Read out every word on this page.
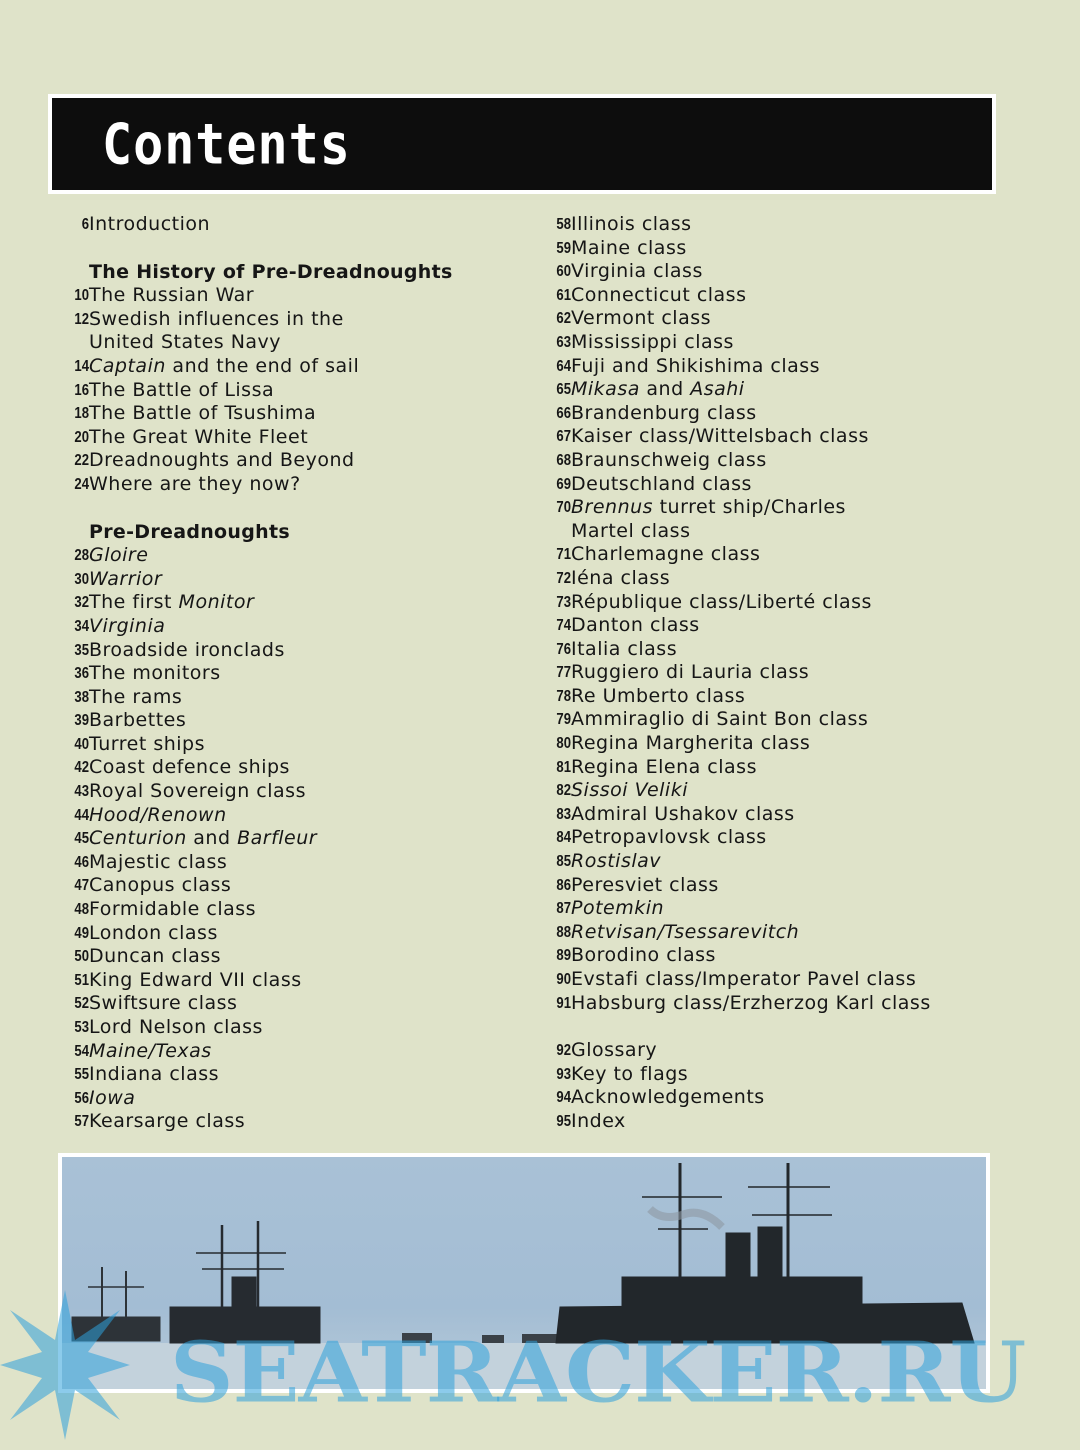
Contents
6 Introduction
The History of Pre-Dreadnoughts
10 The Russian War
12 Swedish influences in the
United States Navy
14 Captain and the end of sail
16 The Battle of Lissa
18 The Battle of Tsushima
20 The Great White Fleet
22 Dreadnoughts and Beyond
24 Where are they now?
Pre-Dreadnoughts
28 Gloire
30 Warrior
32 The first Monitor
34 Virginia
35 Broadside ironclads
36 The monitors
38 The rams
39 Barbettes
40 Turret ships
42 Coast defence ships
43 Royal Sovereign class
44 Hood/Renown
45 Centurion and Barfleur
46 Majestic class
47 Canopus class
48 Formidable class
49 London class
50 Duncan class
51 King Edward VII class
52 Swiftsure class
53 Lord Nelson class
54 Maine/Texas
55 Indiana class
56 Iowa
57 Kearsarge class
58 Illinois class
59 Maine class
60 Virginia class
61 Connecticut class
62 Vermont class
63 Mississippi class
64 Fuji and Shikishima class
65 Mikasa and Asahi
66 Brandenburg class
67 Kaiser class/Wittelsbach class
68 Braunschweig class
69 Deutschland class
70 Brennus turret ship/Charles
Martel class
71 Charlemagne class
72 Iéna class
73 République class/Liberté class
74 Danton class
76 Italia class
77 Ruggiero di Lauria class
78 Re Umberto class
79 Ammiraglio di Saint Bon class
80 Regina Margherita class
81 Regina Elena class
82 Sissoi Veliki
83 Admiral Ushakov class
84 Petropavlovsk class
85 Rostislav
86 Peresviet class
87 Potemkin
88 Retvisan/Tsessarevitch
89 Borodino class
90 Evstafi class/Imperator Pavel class
91 Habsburg class/Erzherzog Karl class
92 Glossary
93 Key to flags
94 Acknowledgements
95 Index
SEATRACKER.RU
